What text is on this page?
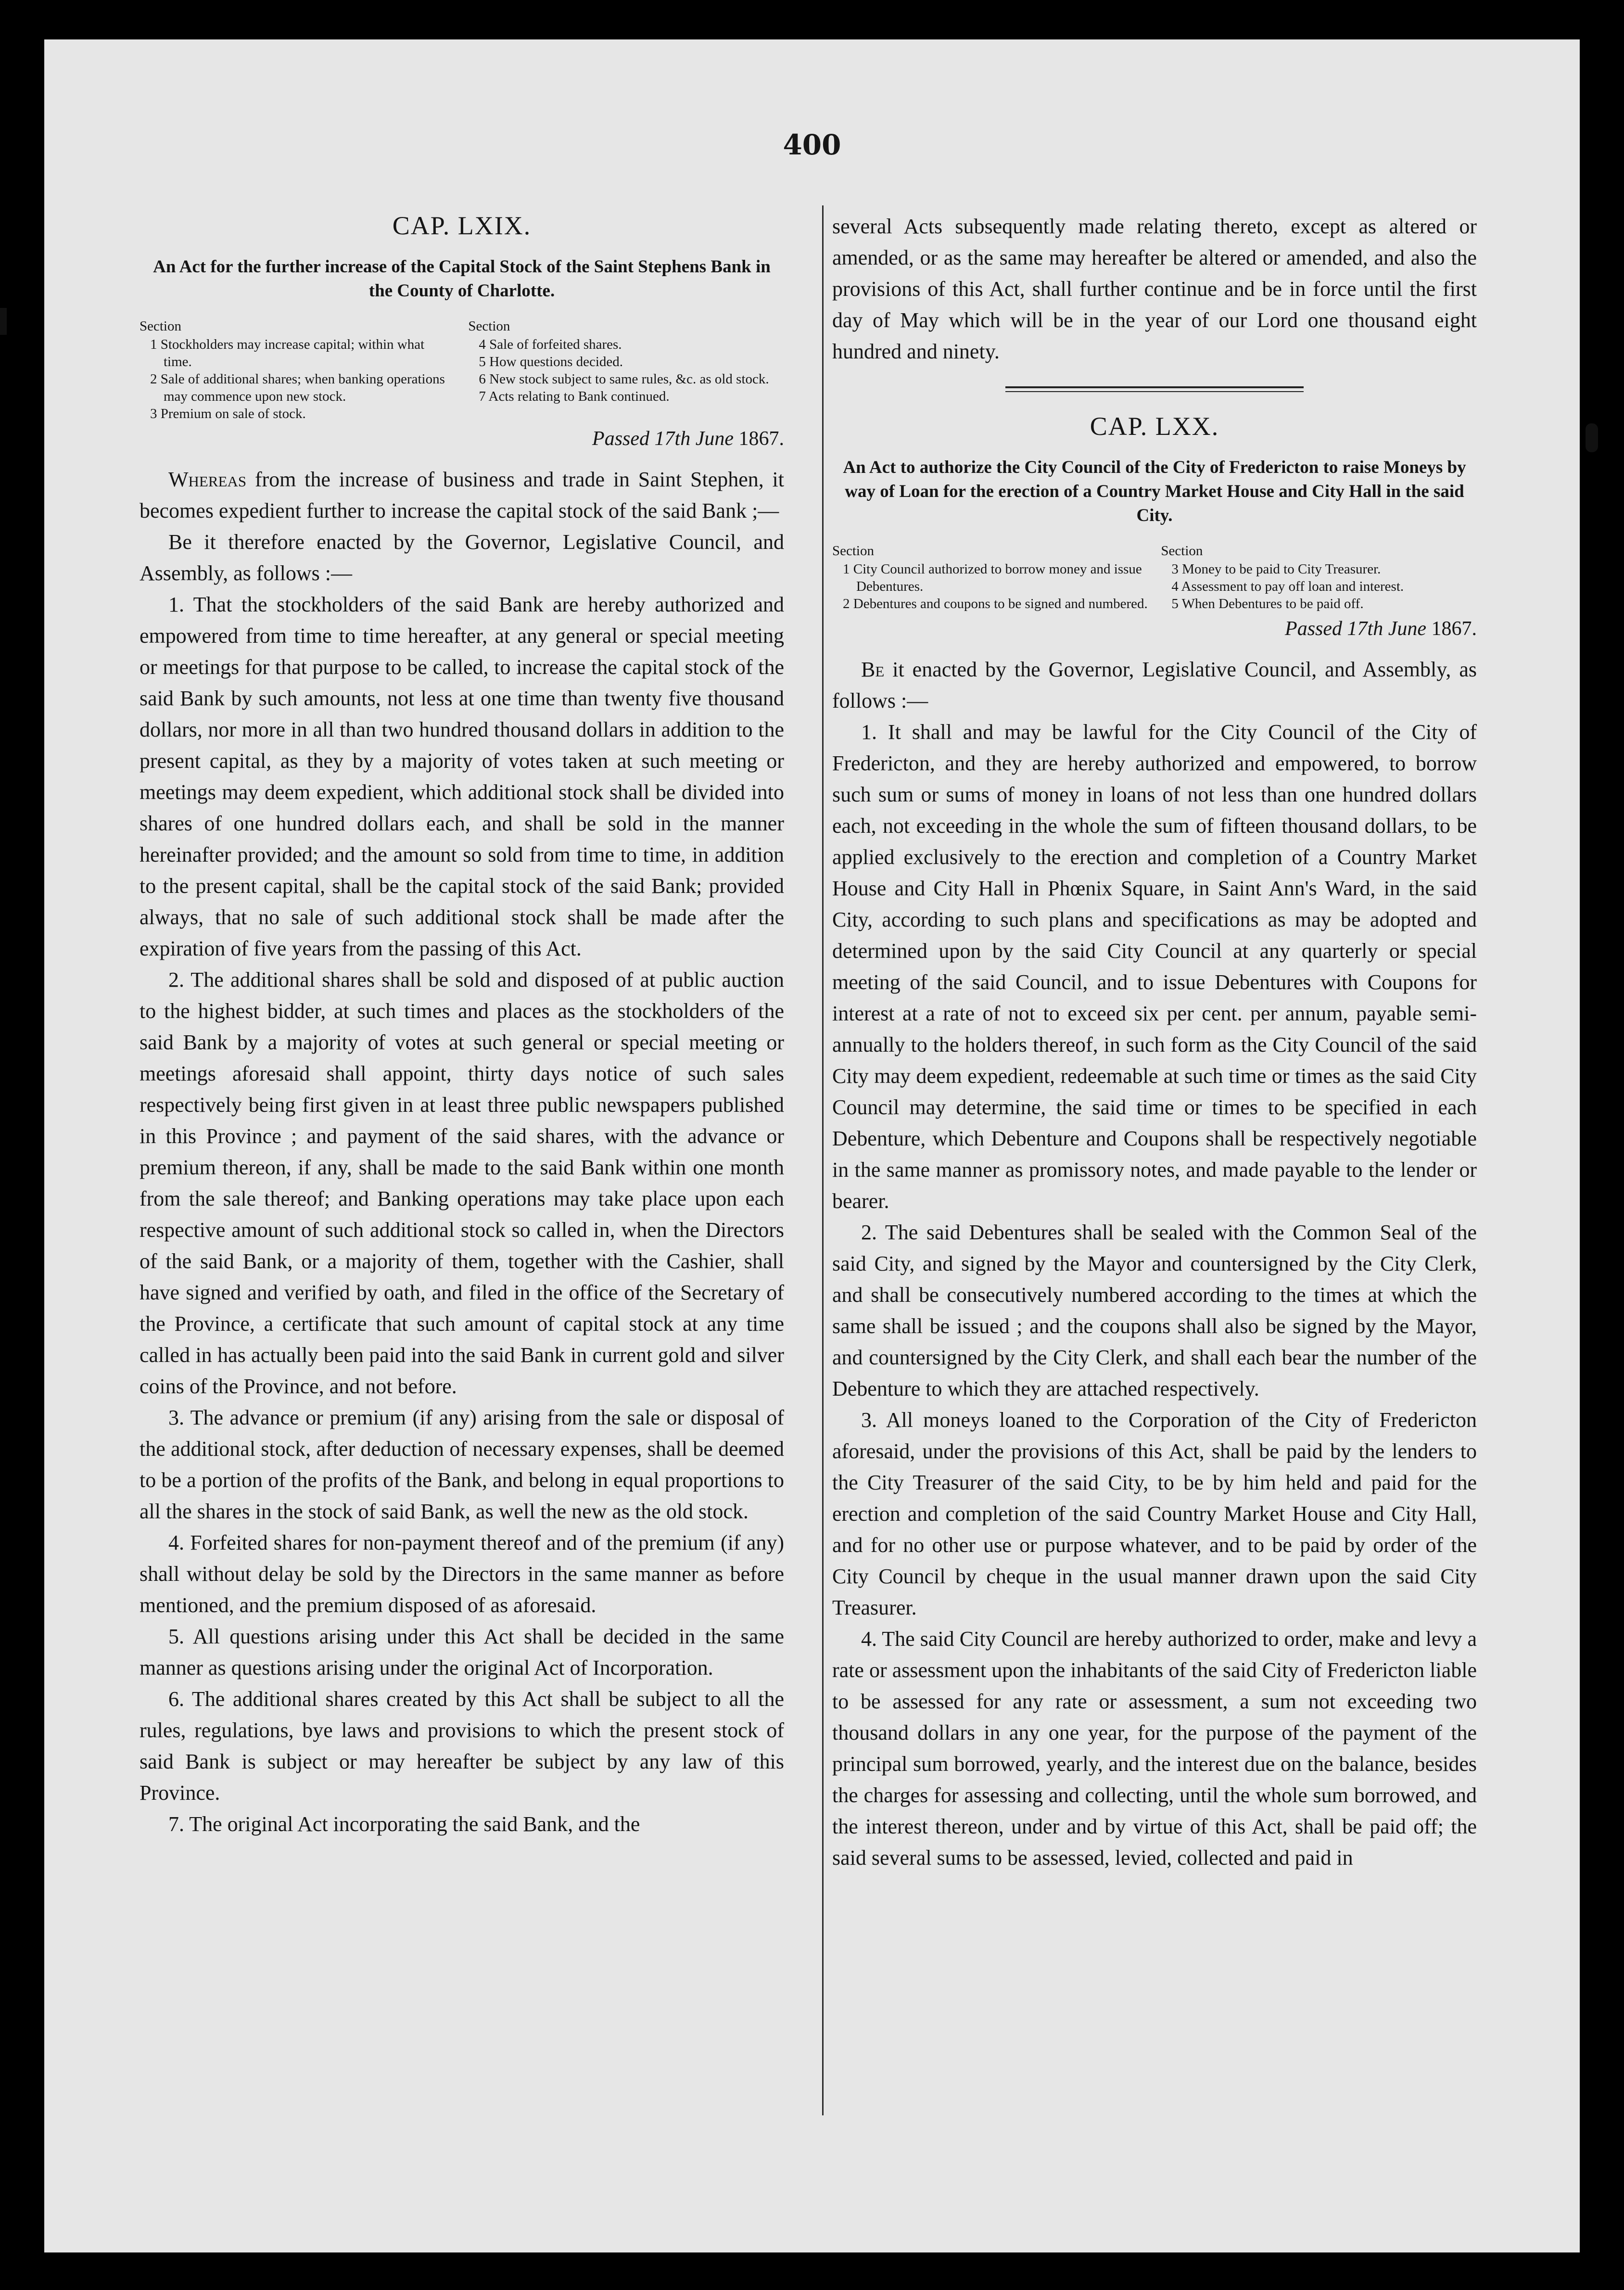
400
CAP. LXIX.
An Act for the further increase of the Capital Stock of the Saint Stephens Bank in the County of Charlotte.
Section
1 Stockholders may increase capital; within what time.
2 Sale of additional shares; when banking operations may commence upon new stock.
3 Premium on sale of stock.
Section
4 Sale of forfeited shares.
5 How questions decided.
6 New stock subject to same rules, &c. as old stock.
7 Acts relating to Bank continued.
Passed 17th June 1867.

Whereas from the increase of business and trade in Saint Stephen, it becomes expedient further to increase the capital stock of the said Bank ;—

Be it therefore enacted by the Governor, Legislative Council, and Assembly, as follows :—

1. That the stockholders of the said Bank are hereby authorized and empowered from time to time hereafter, at any general or special meeting or meetings for that purpose to be called, to increase the capital stock of the said Bank by such amounts, not less at one time than twenty five thousand dollars, nor more in all than two hundred thousand dollars in addition to the present capital, as they by a majority of votes taken at such meeting or meetings may deem expedient, which additional stock shall be divided into shares of one hundred dollars each, and shall be sold in the manner hereinafter provided; and the amount so sold from time to time, in addition to the present capital, shall be the capital stock of the said Bank; provided always, that no sale of such additional stock shall be made after the expiration of five years from the passing of this Act.

2. The additional shares shall be sold and disposed of at public auction to the highest bidder, at such times and places as the stockholders of the said Bank by a majority of votes at such general or special meeting or meetings aforesaid shall appoint, thirty days notice of such sales respectively being first given in at least three public newspapers published in this Province ; and payment of the said shares, with the advance or premium thereon, if any, shall be made to the said Bank within one month from the sale thereof; and Banking operations may take place upon each respective amount of such additional stock so called in, when the Directors of the said Bank, or a majority of them, together with the Cashier, shall have signed and verified by oath, and filed in the office of the Secretary of the Province, a certificate that such amount of capital stock at any time called in has actually been paid into the said Bank in current gold and silver coins of the Province, and not before.

3. The advance or premium (if any) arising from the sale or disposal of the additional stock, after deduction of necessary expenses, shall be deemed to be a portion of the profits of the Bank, and belong in equal proportions to all the shares in the stock of said Bank, as well the new as the old stock.

4. Forfeited shares for non-payment thereof and of the premium (if any) shall without delay be sold by the Directors in the same manner as before mentioned, and the premium disposed of as aforesaid.

5. All questions arising under this Act shall be decided in the same manner as questions arising under the original Act of Incorporation.

6. The additional shares created by this Act shall be subject to all the rules, regulations, bye laws and provisions to which the present stock of said Bank is subject or may hereafter be subject by any law of this Province.

7. The original Act incorporating the said Bank, and the

several Acts subsequently made relating thereto, except as altered or amended, or as the same may hereafter be altered or amended, and also the provisions of this Act, shall further continue and be in force until the first day of May which will be in the year of our Lord one thousand eight hundred and ninety.

CAP. LXX.
An Act to authorize the City Council of the City of Fredericton to raise Moneys by way of Loan for the erection of a Country Market House and City Hall in the said City.
Section
1 City Council authorized to borrow money and issue Debentures.
2 Debentures and coupons to be signed and numbered.
Section
3 Money to be paid to City Treasurer.
4 Assessment to pay off loan and interest.
5 When Debentures to be paid off.
Passed 17th June 1867.

Be it enacted by the Governor, Legislative Council, and Assembly, as follows :—

1. It shall and may be lawful for the City Council of the City of Fredericton, and they are hereby authorized and empowered, to borrow such sum or sums of money in loans of not less than one hundred dollars each, not exceeding in the whole the sum of fifteen thousand dollars, to be applied exclusively to the erection and completion of a Country Market House and City Hall in Phœnix Square, in Saint Ann's Ward, in the said City, according to such plans and specifications as may be adopted and determined upon by the said City Council at any quarterly or special meeting of the said Council, and to issue Debentures with Coupons for interest at a rate of not to exceed six per cent. per annum, payable semi-annually to the holders thereof, in such form as the City Council of the said City may deem expedient, redeemable at such time or times as the said City Council may determine, the said time or times to be specified in each Debenture, which Debenture and Coupons shall be respectively negotiable in the same manner as promissory notes, and made payable to the lender or bearer.

2. The said Debentures shall be sealed with the Common Seal of the said City, and signed by the Mayor and countersigned by the City Clerk, and shall be consecutively numbered according to the times at which the same shall be issued ; and the coupons shall also be signed by the Mayor, and countersigned by the City Clerk, and shall each bear the number of the Debenture to which they are attached respectively.

3. All moneys loaned to the Corporation of the City of Fredericton aforesaid, under the provisions of this Act, shall be paid by the lenders to the City Treasurer of the said City, to be by him held and paid for the erection and completion of the said Country Market House and City Hall, and for no other use or purpose whatever, and to be paid by order of the City Council by cheque in the usual manner drawn upon the said City Treasurer.

4. The said City Council are hereby authorized to order, make and levy a rate or assessment upon the inhabitants of the said City of Fredericton liable to be assessed for any rate or assessment, a sum not exceeding two thousand dollars in any one year, for the purpose of the payment of the principal sum borrowed, yearly, and the interest due on the balance, besides the charges for assessing and collecting, until the whole sum borrowed, and the interest thereon, under and by virtue of this Act, shall be paid off; the said several sums to be assessed, levied, collected and paid in
